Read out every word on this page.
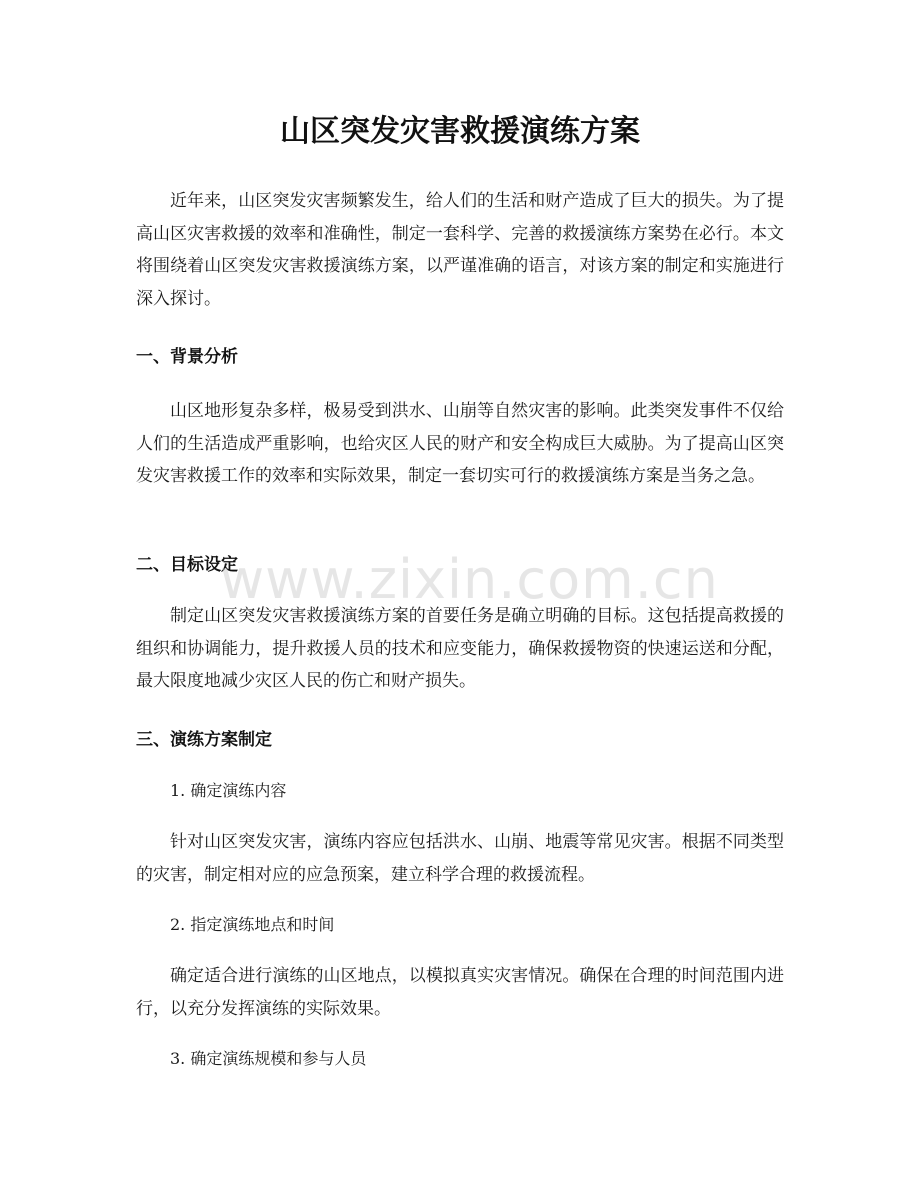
山区突发灾害救援演练方案

近年来，山区突发灾害频繁发生，给人们的生活和财产造成了巨大的损失。为了提高山区灾害救援的效率和准确性，制定一套科学、完善的救援演练方案势在必行。本文将围绕着山区突发灾害救援演练方案，以严谨准确的语言，对该方案的制定和实施进行深入探讨。

一、背景分析

山区地形复杂多样，极易受到洪水、山崩等自然灾害的影响。此类突发事件不仅给人们的生活造成严重影响，也给灾区人民的财产和安全构成巨大威胁。为了提高山区突发灾害救援工作的效率和实际效果，制定一套切实可行的救援演练方案是当务之急。

二、目标设定

制定山区突发灾害救援演练方案的首要任务是确立明确的目标。这包括提高救援的组织和协调能力，提升救援人员的技术和应变能力，确保救援物资的快速运送和分配，最大限度地减少灾区人民的伤亡和财产损失。

三、演练方案制定

1. 确定演练内容

针对山区突发灾害，演练内容应包括洪水、山崩、地震等常见灾害。根据不同类型的灾害，制定相对应的应急预案，建立科学合理的救援流程。

2. 指定演练地点和时间

确定适合进行演练的山区地点，以模拟真实灾害情况。确保在合理的时间范围内进行，以充分发挥演练的实际效果。

3. 确定演练规模和参与人员

www.zixin.com.cn
